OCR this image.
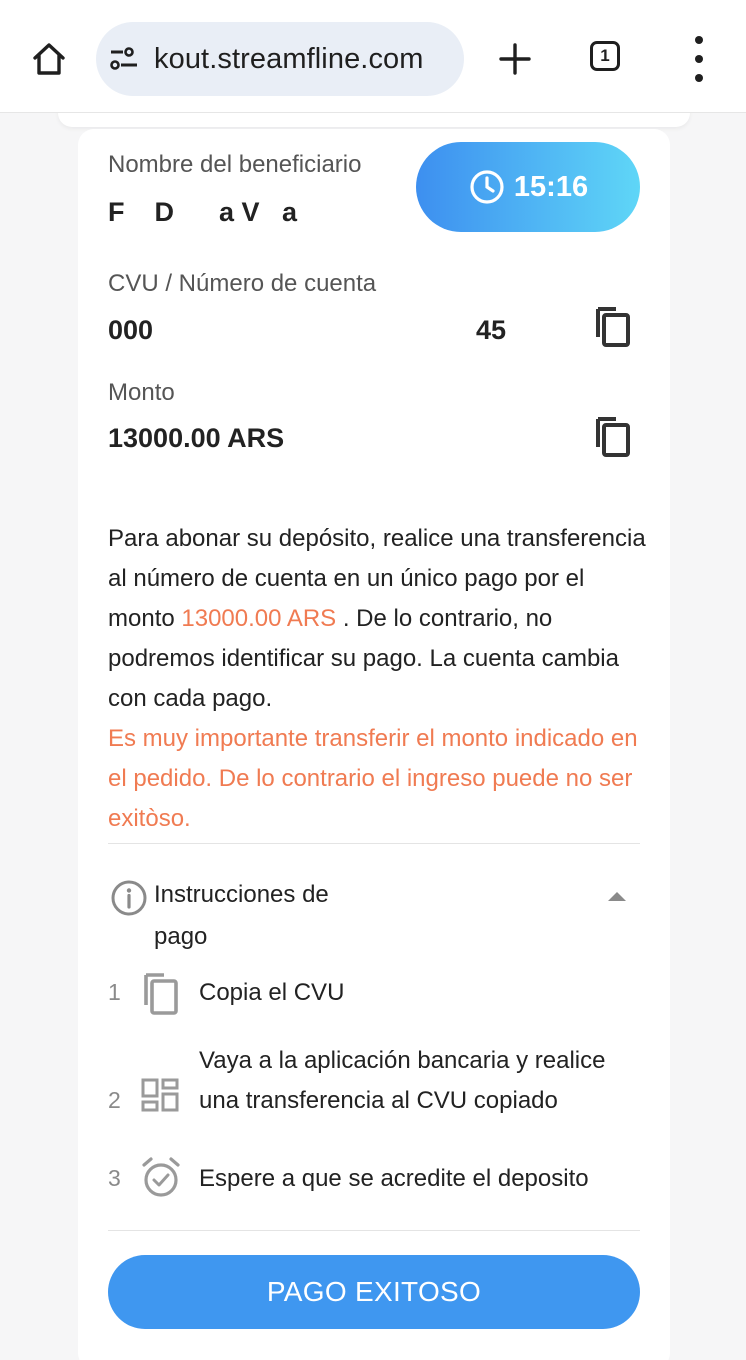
kout.streamfline.com	1
Nombre del beneficiario
F    D      a V   a
15:16
CVU / Número de cuenta
000	45
Monto
13000.00 ARS
Para abonar su depósito, realice una transferencia al número de cuenta en un único pago por el monto 13000.00 ARS . De lo contrario, no podremos identificar su pago. La cuenta cambia con cada pago.
Es muy importante transferir el monto indicado en el pedido. De lo contrario el ingreso puede no ser exitòso.
Instrucciones de pago
1	Copia el CVU
2
Vaya a la aplicación bancaria y realice una transferencia al CVU copiado
3	Espere a que se acredite el deposito
PAGO EXITOSO
